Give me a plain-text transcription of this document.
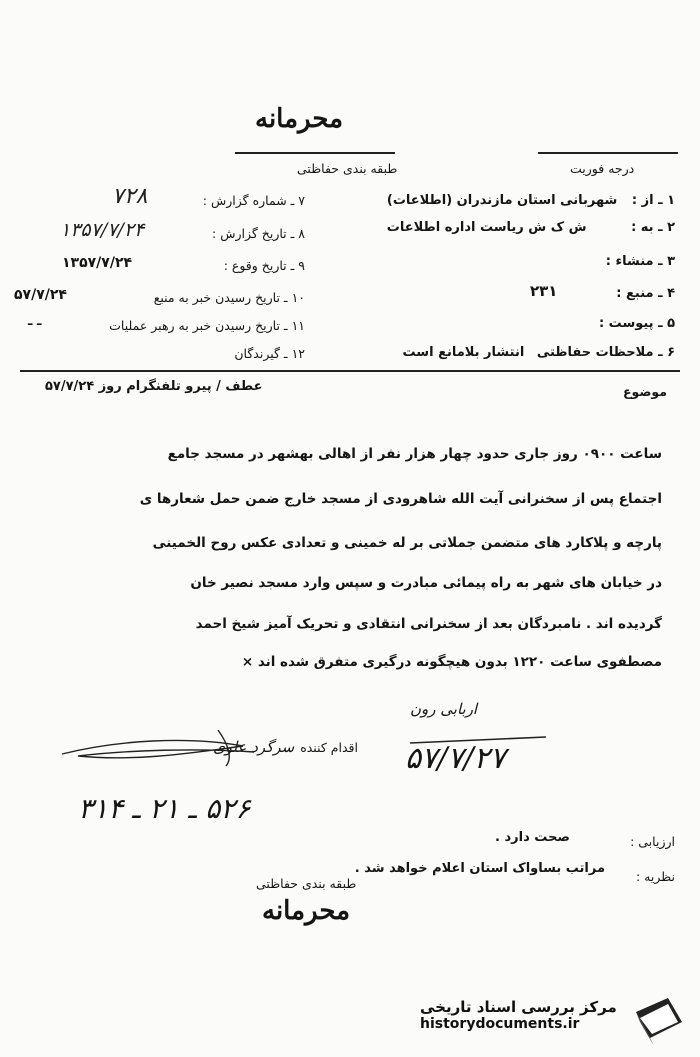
محرمانه
طبقه بندی حفاظتی	درجه فوریت
۱ ـ از : شهربانی استان مازندران (اطلاعات)
۲ ـ به : ش ک ش ریاست اداره اطلاعات
۳ ـ منشاء :
۴ ـ منبع :
۲۳۱
۵ ـ پیوست :
۶ ـ ملاحظات حفاظتی انتشار بلامانع است
۷ ـ شماره گزارش :
۷۲۸
۸ ـ تاریخ گزارش :
۱۳۵۷/۷/۲۴
۹ ـ تاریخ وقوع :
۱۳۵۷/۷/۲۴
۱۰ ـ تاریخ رسیدن خبر به منبع
۵۷/۷/۲۴
۱۱ ـ تاریخ رسیدن خبر به رهبر عملیات
ـ ـ
۱۲ ـ گیرندگان
موضوع
عطف / پیرو تلفنگرام روز ۵۷/۷/۲۴
ساعت ۰۹۰۰ روز جاری حدود چهار هزار نفر از اهالی بهشهر در مسجد جامع
اجتماع پس از سخنرانی آیت الله شاهرودی از مسجد خارج ضمن حمل شعارها ی
پارچه و پلاکارد های متضمن جملاتی بر له خمینی و تعدادی عکس روح الخمینی
در خیابان های شهر به راه پیمائی مبادرت و سپس وارد مسجد نصیر خان
گردیده اند . نامبردگان بعد از سخنرانی انتقادی و تحریک آمیز شیخ احمد
مصطفوی ساعت ۱۲۲۰ بدون هیچگونه درگیری متفرق شده اند ×
اربابی رون
۵۷/۷/۲۷
اقدام کننده سرگرد علوی
۵۲۶ ـ ۲۱ ـ ۳۱۴
ارزیابی :
صحت دارد .
نظریه :
مراتب بساواک استان اعلام خواهد شد .
طبقه بندی حفاظتی
محرمانه
مرکز بررسی اسناد تاریخی
historydocuments.ir
